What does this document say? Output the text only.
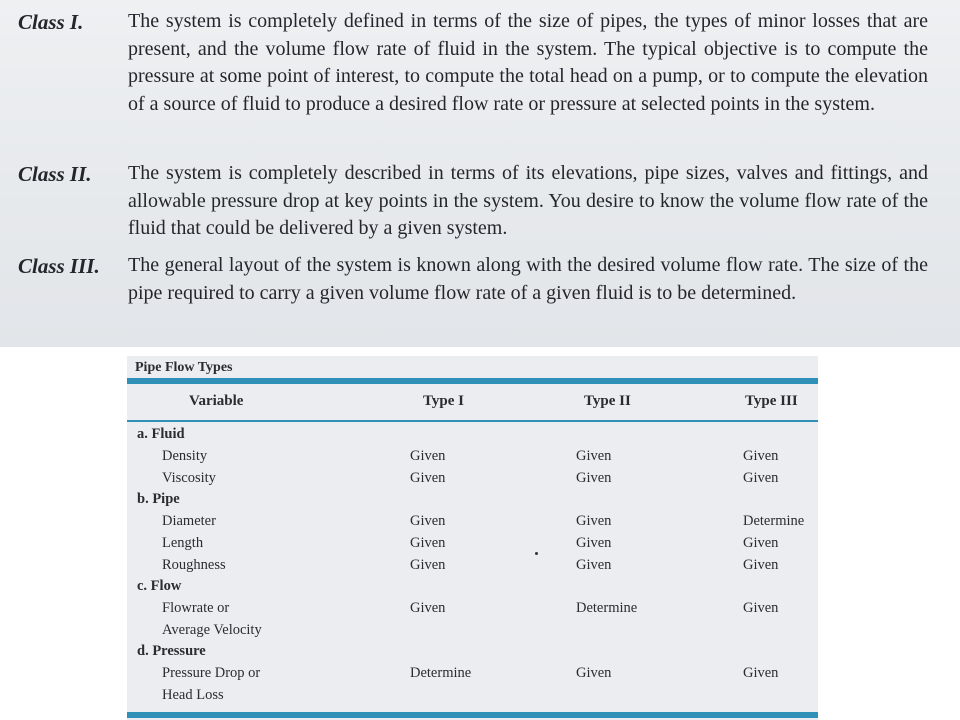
Class I. The system is completely defined in terms of the size of pipes, the types of minor losses that are present, and the volume flow rate of fluid in the system. The typical objective is to compute the pressure at some point of interest, to compute the total head on a pump, or to compute the elevation of a source of fluid to produce a desired flow rate or pressure at selected points in the system.

Class II. The system is completely described in terms of its elevations, pipe sizes, valves and fittings, and allowable pressure drop at key points in the system. You desire to know the volume flow rate of the fluid that could be delivered by a given system.

Class III. The general layout of the system is known along with the desired volume flow rate. The size of the pipe required to carry a given volume flow rate of a given fluid is to be determined.

Pipe Flow Types
Variable	Type I	Type II	Type III
a. Fluid
Density	Given	Given	Given
Viscosity	Given	Given	Given
b. Pipe
Diameter	Given	Given	Determine
Length	Given	Given	Given
Roughness	Given	Given	Given
c. Flow
Flowrate or
Average Velocity
Given	Determine	Given
d. Pressure
Pressure Drop or
Head Loss
Determine	Given	Given
